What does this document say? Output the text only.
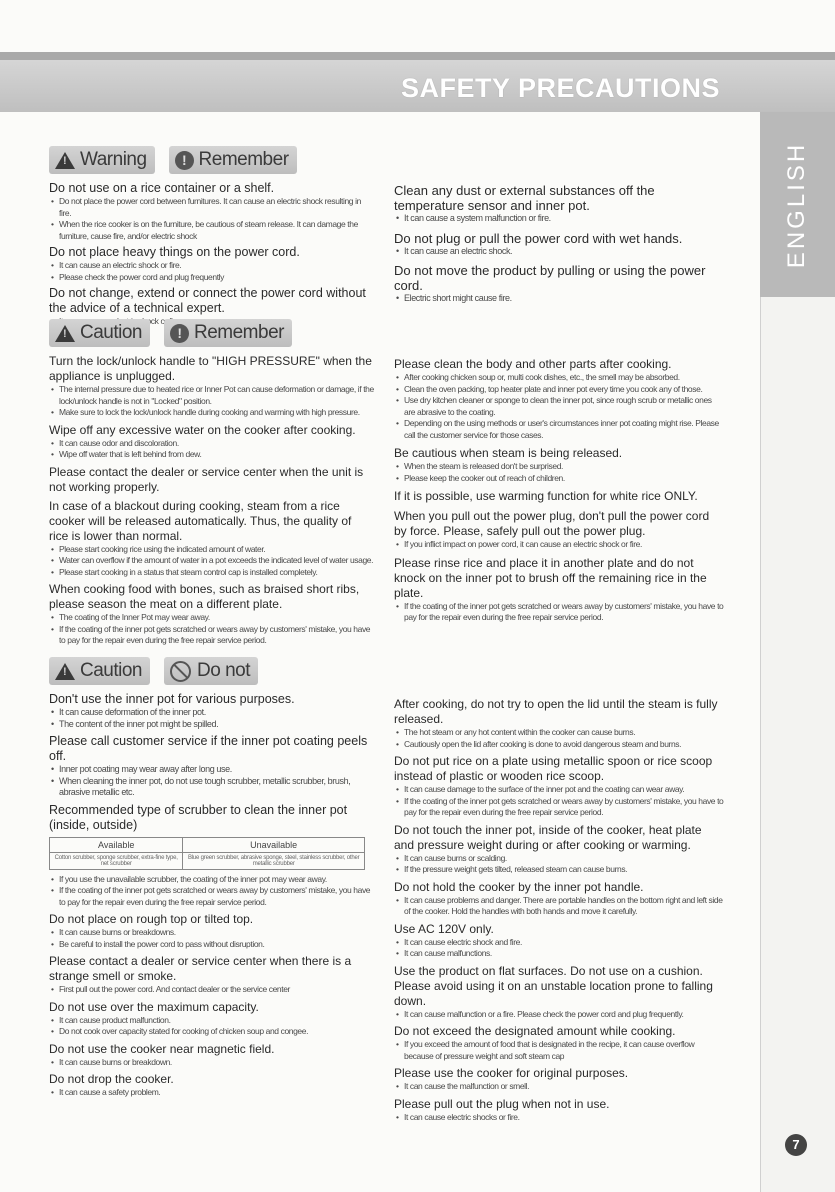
SAFETY PRECAUTIONS
ENGLISH
7
!
Warning	! Remember
Do not use on a rice container or a shelf.
• Do not place the power cord between furnitures. It can cause an electric shock resulting in fire.
• When the rice cooker is on the furniture, be cautious of steam release. It can damage the furniture, cause fire, and/or electric shock
Do not place heavy things on the power cord.
• It can cause an electric shock or fire.
• Please check the power cord and plug frequently
Do not change, extend or connect the power cord without the advice of a technical expert.
•
!
Caution	! Remember
Turn the lock/unlock handle to "HIGH PRESSURE" when the appliance is unplugged.
• The internal pressure due to heated rice or Inner Pot can cause deformation or damage, if the lock/unlock handle is not in "Locked" position.
• Make sure to lock the lock/unlock handle during cooking and warming with high pressure.
Wipe off any excessive water on the cooker after cooking.
• It can cause odor and discoloration.
• Wipe off water that is left behind from dew.
Please contact the dealer or service center when the unit is not working properly.
In case of a blackout during cooking, steam from a rice cooker will be released automatically. Thus, the quality of rice is lower than normal.
• Please start cooking rice using the indicated amount of water.
• Water can overflow if the amount of water in a pot exceeds the indicated level of water usage.
• Please start cooking in a status that steam control cap is installed completely.
When cooking food with bones, such as braised short ribs, please season the meat on a different plate.
• The coating of the Inner Pot may wear away.
• If the coating of the inner pot gets scratched or wears away by customers' mistake, you have to pay for the repair even during the free repair service period.
!
Caution	Do not
Don't use the inner pot for various purposes.
• It can cause deformation of the inner pot.
• The content of the inner pot might be spilled.
Please call customer service if the inner pot coating peels off.
• Inner pot coating may wear away after long use.
• When cleaning the inner pot, do not use tough scrubber, metallic scrubber, brush, abrasive metallic etc.
Recommended type of scrubber to clean the inner pot (inside, outside)
Available	Unavailable
Cotton scrubber, sponge scrubber, extra-fine type, net scrubber	Blue green scrubber, abrasive sponge, steel, stainless scrubber, other metallic scrubber
• If you use the unavailable scrubber, the coating of the inner pot may wear away.
• If the coating of the inner pot gets scratched or wears away by customers' mistake, you have to pay for the repair even during the free repair service period.
Do not place on rough top or tilted top.
• It can cause burns or breakdowns.
• Be careful to install the power cord to pass without disruption.
Please contact a dealer or service center when there is a strange smell or smoke.
• First pull out the power cord. And contact dealer or the service center
Do not use over the maximum capacity.
• It can cause product malfunction.
• Do not cook over capacity stated for cooking of chicken soup and congee.
Do not use the cooker near magnetic field.
• It can cause burns or breakdown.
Do not drop the cooker.
• It can cause a safety problem.
Clean any dust or external substances off the temperature sensor and inner pot.
• It can cause a system malfunction or fire.
Do not plug or pull the power cord with wet hands.
• It can cause an electric shock.
Do not move the product by pulling or using the power cord.
• Electric short might cause fire.
Please clean the body and other parts after cooking.
• After cooking chicken soup or, multi cook dishes, etc., the smell may be absorbed.
• Clean the oven packing, top heater plate and inner pot every time you cook any of those.
• Use dry kitchen cleaner or sponge to clean the inner pot, since rough scrub or metallic ones are abrasive to the coating.
• Depending on the using methods or user's circumstances inner pot coating might rise. Please call the customer service for those cases.
Be cautious when steam is being released.
• When the steam is released don't be surprised.
• Please keep the cooker out of reach of children.
If it is possible, use warming function for white rice ONLY.
When you pull out the power plug, don't pull the power cord by force. Please, safely pull out the power plug.
• If you inflict impact on power cord, it can cause an electric shock or fire.
Please rinse rice and place it in another plate and do not knock on the inner pot to brush off the remaining rice in the plate.
• If the coating of the inner pot gets scratched or wears away by customers' mistake, you have to pay for the repair even during the free repair service period.
After cooking, do not try to open the lid until the steam is fully released.
• The hot steam or any hot content within the cooker can cause burns.
• Cautiously open the lid after cooking is done to avoid dangerous steam and burns.
Do not put rice on a plate using metallic spoon or rice scoop instead of plastic or wooden rice scoop.
• It can cause damage to the surface of the inner pot and the coating can wear away.
• If the coating of the inner pot gets scratched or wears away by customers' mistake, you have to pay for the repair even during the free repair service period.
Do not touch the inner pot, inside of the cooker, heat plate and pressure weight during or after cooking or warming.
• It can cause burns or scalding.
• If the pressure weight gets tilted, released steam can cause burns.
Do not hold the cooker by the inner pot handle.
• It can cause problems and danger. There are portable handles on the bottom right and left side of the cooker. Hold the handles with both hands and move it carefully.
Use AC 120V only.
• It can cause electric shock and fire.
• It can cause malfunctions.
Use the product on flat surfaces. Do not use on a cushion. Please avoid using it on an unstable location prone to falling down.
• It can cause malfunction or a fire. Please check the power cord and plug frequently.
Do not exceed the designated amount while cooking.
• If you exceed the amount of food that is designated in the recipe, it can cause overflow because of pressure weight and soft steam cap
Please use the cooker for original purposes.
• It can cause the malfunction or smell.
Please pull out the plug when not in use.
• It can cause electric shocks or fire.
